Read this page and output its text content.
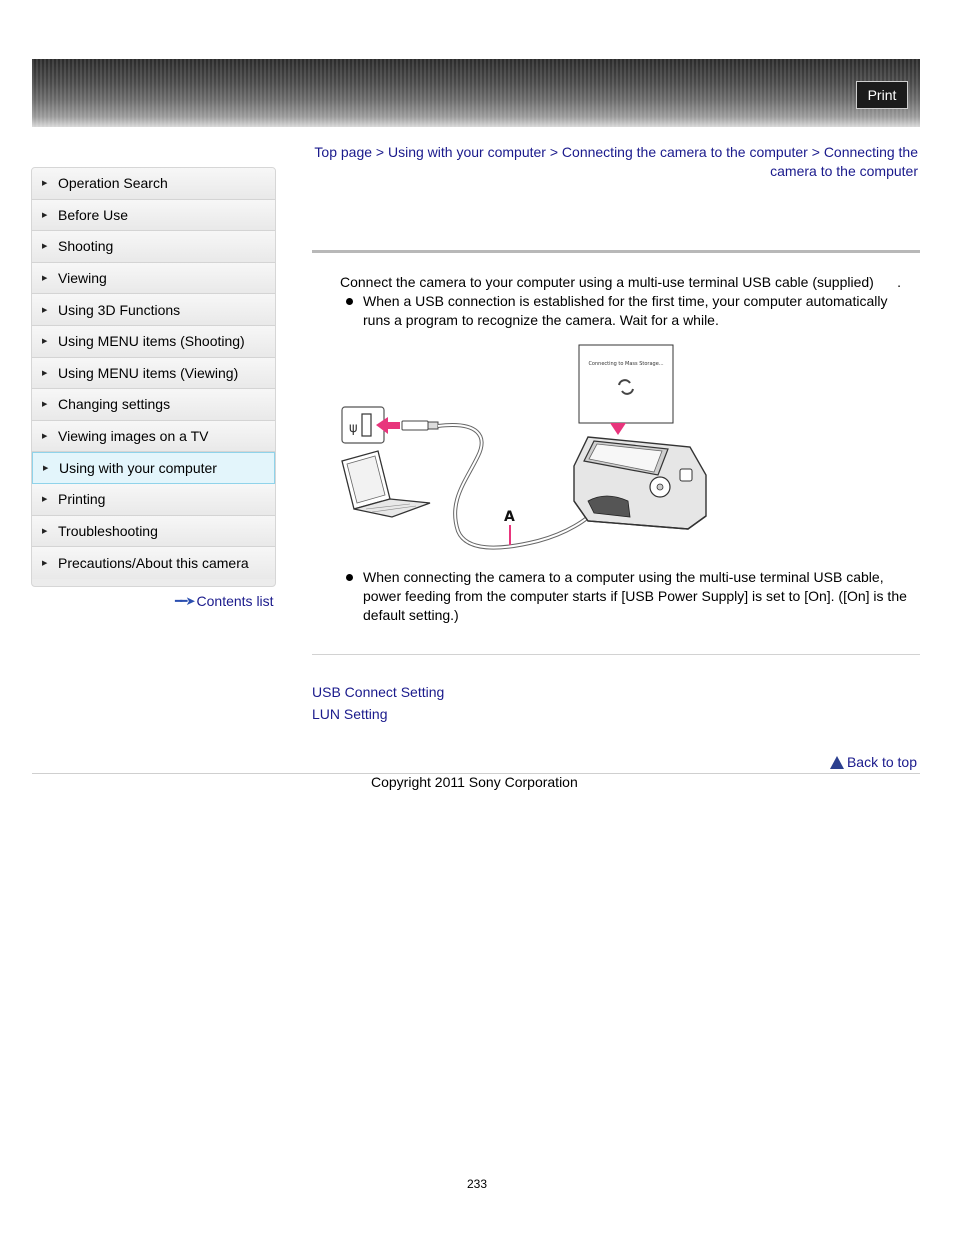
Print
Top page > Using with your computer > Connecting the camera to the computer > Connecting the camera to the computer
▶ Operation Search
▶ Before Use
▶ Shooting
▶ Viewing
▶ Using 3D Functions
▶ Using MENU items (Shooting)
▶ Using MENU items (Viewing)
▶ Changing settings
▶ Viewing images on a TV
▶ Using with your computer
▶ Printing
▶ Troubleshooting
▶ Precautions/About this camera
━━➤ Contents list
Connect the camera to your computer using a multi-use terminal USB cable (supplied)      .
When a USB connection is established for the first time, your computer automatically runs a program to recognize the camera. Wait for a while.
Connecting to Mass Storage...
ψ
A
When connecting the camera to a computer using the multi-use terminal USB cable, power feeding from the computer starts if [USB Power Supply] is set to [On]. ([On] is the default setting.)
USB Connect Setting
LUN Setting
Back to top
Copyright 2011 Sony Corporation
233
